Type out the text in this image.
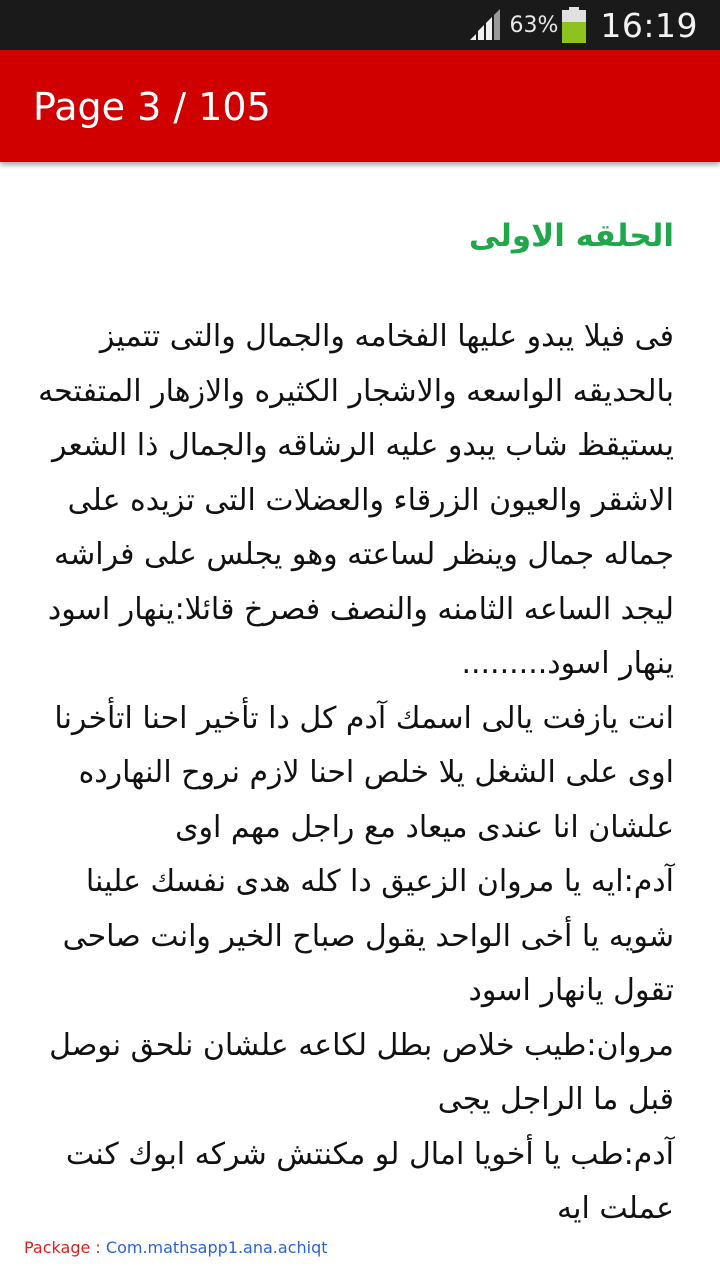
63% 16:19
Page 3 / 105
الحلقه الاولى

فى فيلا يبدو عليها الفخامه والجمال والتى تتميز بالحديقه الواسعه والاشجار الكثيره والازهار المتفتحه يستيقظ شاب يبدو عليه الرشاقه والجمال ذا الشعر الاشقر والعيون الزرقاء والعضلات التى تزيده على جماله جمال وينظر لساعته وهو يجلس على فراشه ليجد الساعه الثامنه والنصف فصرخ قائلا:ينهار اسود ينهار اسود.........

انت يازفت يالى اسمك آدم كل دا تأخير احنا اتأخرنا اوى على الشغل يلا خلص احنا لازم نروح النهارده علشان انا عندى ميعاد مع راجل مهم اوى

آدم:ايه يا مروان الزعيق دا كله هدى نفسك علينا شويه يا أخى الواحد يقول صباح الخير وانت صاحى تقول يانهار اسود

مروان:طيب خلاص بطل لكاعه علشان نلحق نوصل قبل ما الراجل يجى

آدم:طب يا أخويا امال لو مكنتش شركه ابوك كنت عملت ايه

Package : Com.mathsapp1.ana.achiqt
